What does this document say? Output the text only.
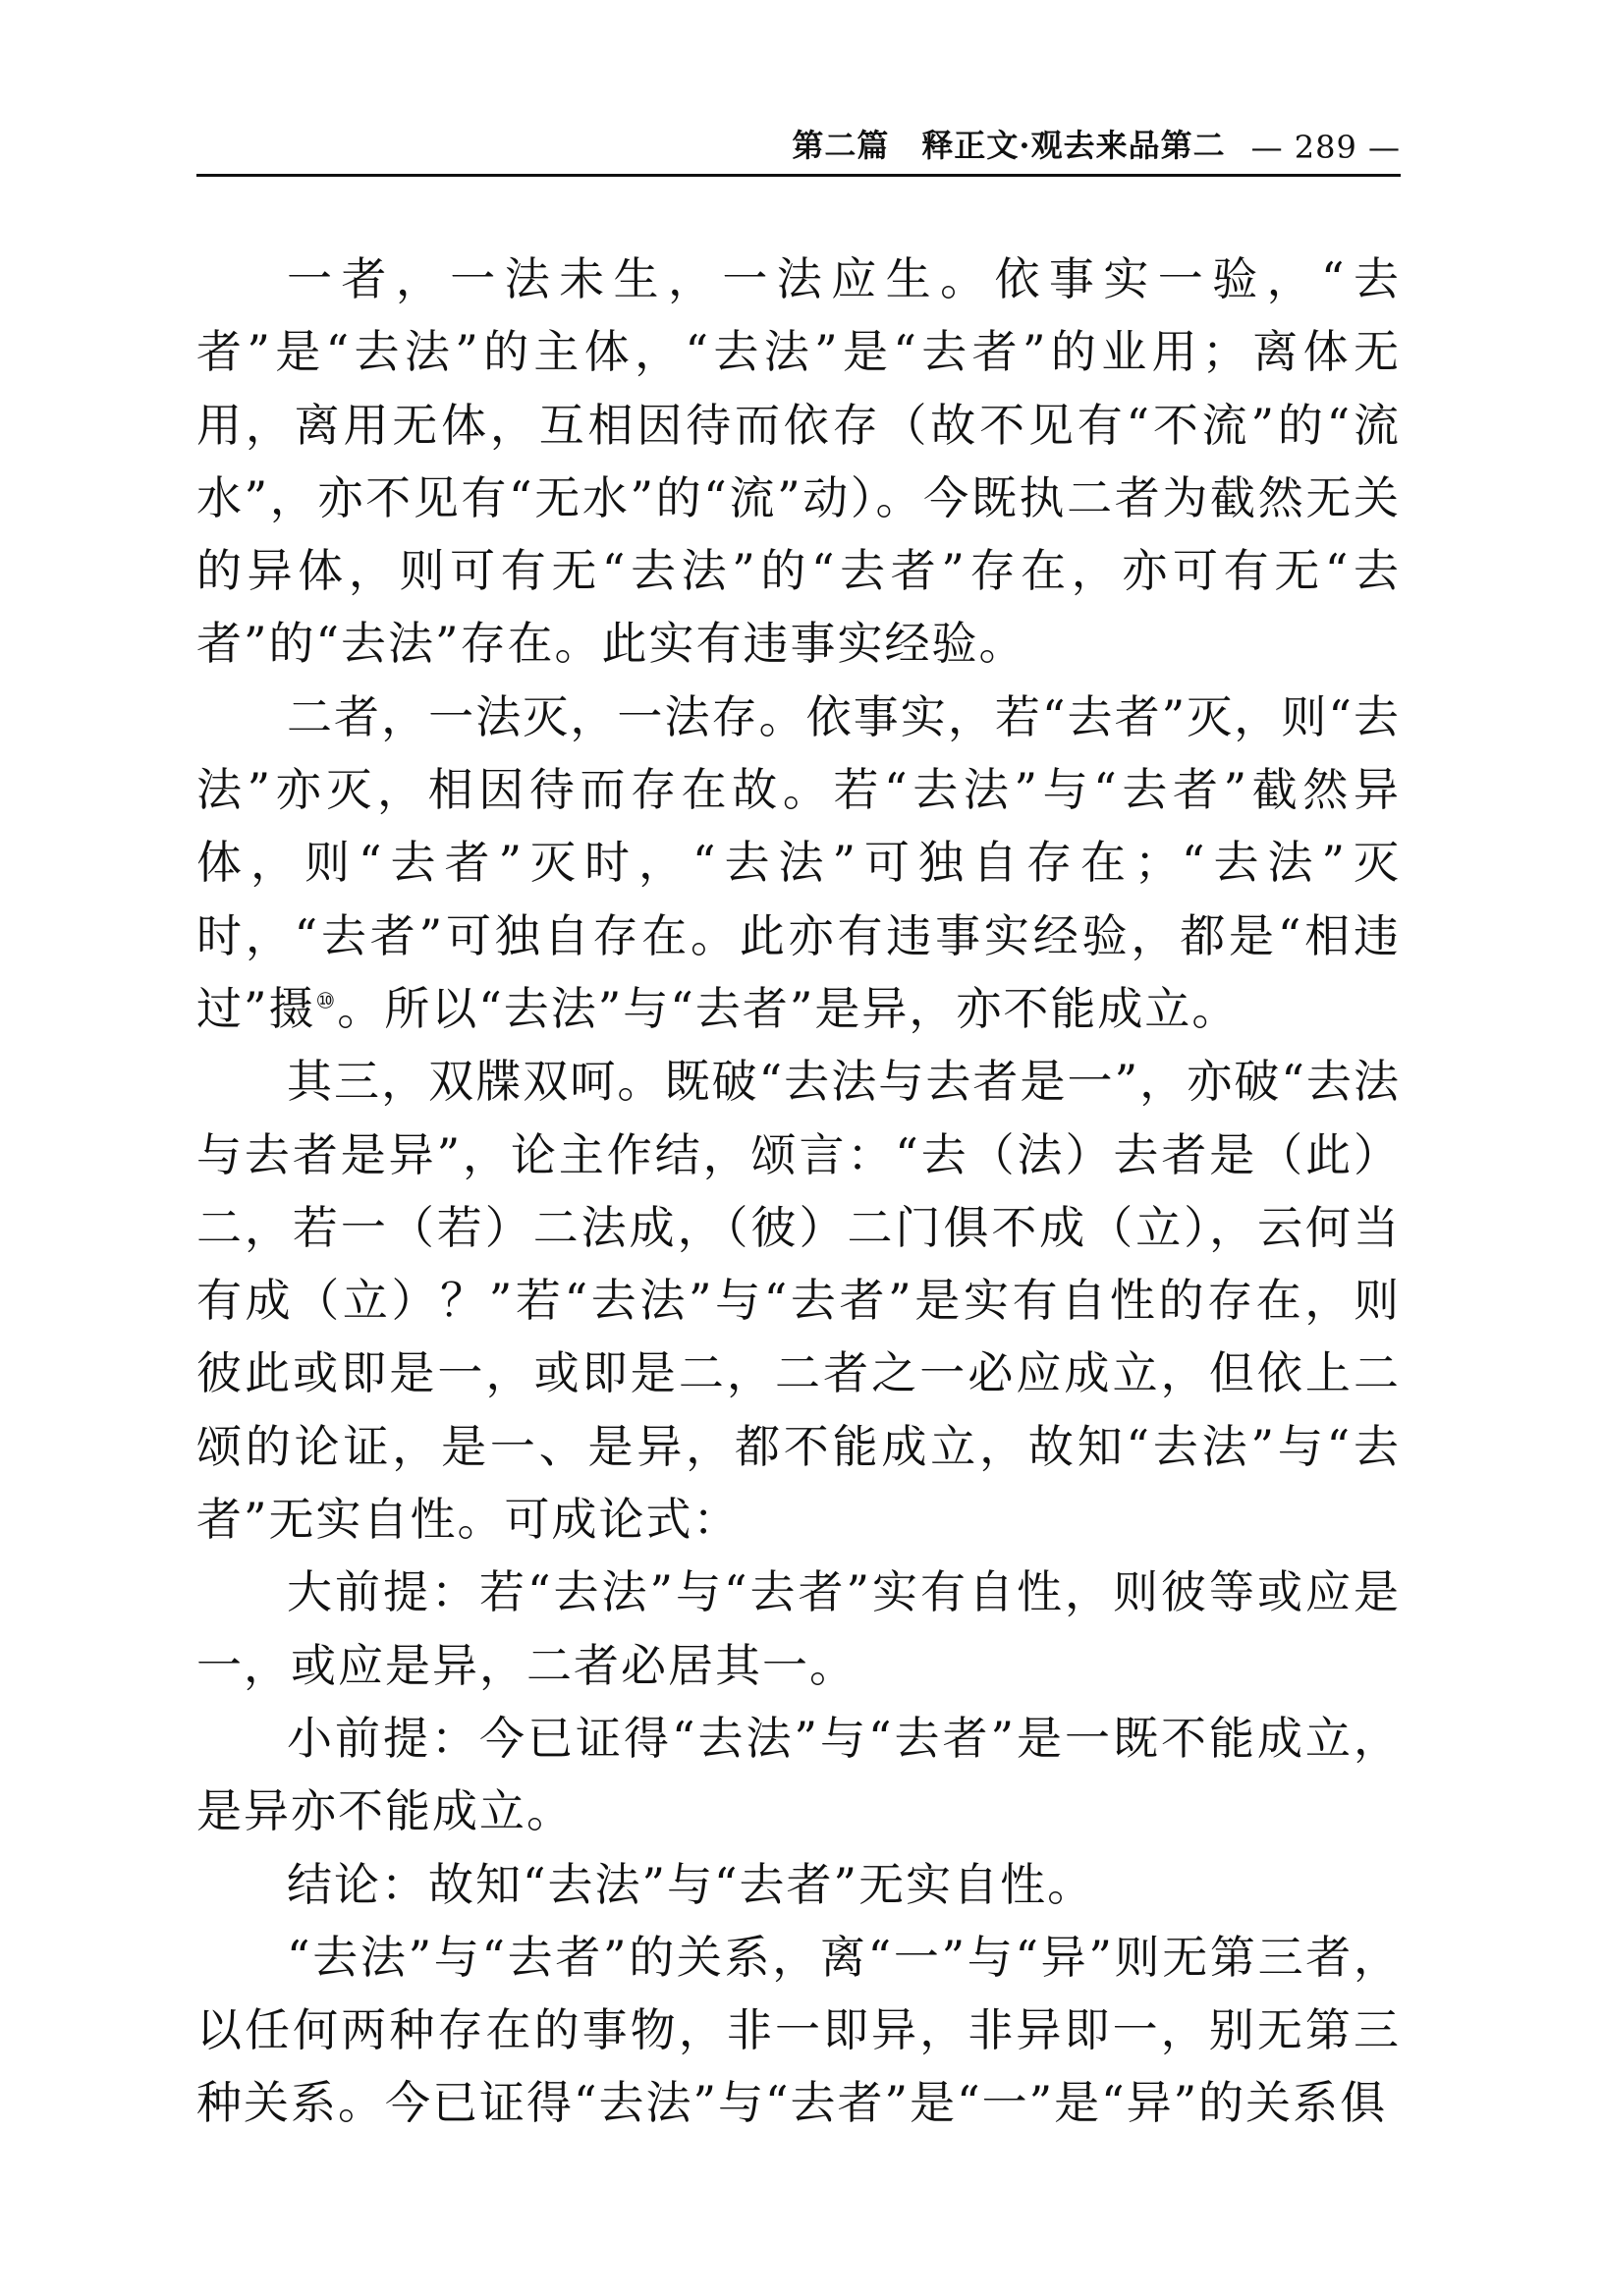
第二篇　释正文·观去来品第二 — 289 —

一者，一法未生，一法应生。依事实一验，“去者”是“去法”的主体，“去法”是“去者”的业用；离体无用，离用无体，互相因待而依存（故不见有“不流”的“流水”，亦不见有“无水”的“流”动）。今既执二者为截然无关的异体，则可有无“去法”的“去者”存在，亦可有无“去者”的“去法”存在。此实有违事实经验。

二者，一法灭，一法存。依事实，若“去者”灭，则“去法”亦灭，相因待而存在故。若“去法”与“去者”截然异体，则“去者”灭时，“去法”可独自存在；“去法”灭时，“去者”可独自存在。此亦有违事实经验，都是“相违过”摄⑩。所以“去法”与“去者”是异，亦不能成立。

其三，双牒双呵。既破“去法与去者是一”，亦破“去法与去者是异”，论主作结，颂言：“去（法）去者是（此）二，若一（若）二法成，（彼）二门俱不成（立），云何当有成（立）？”若“去法”与“去者”是实有自性的存在，则彼此或即是一，或即是二，二者之一必应成立，但依上二颂的论证，是一、是异，都不能成立，故知“去法”与“去者”无实自性。可成论式：

大前提：若“去法”与“去者”实有自性，则彼等或应是一，或应是异，二者必居其一。

小前提：今已证得“去法”与“去者”是一既不能成立，是异亦不能成立。

结论：故知“去法”与“去者”无实自性。

“去法”与“去者”的关系，离“一”与“异”则无第三者，以任何两种存在的事物，非一即异，非异即一，别无第三种关系。今已证得“去法”与“去者”是“一”是“异”的关系俱
